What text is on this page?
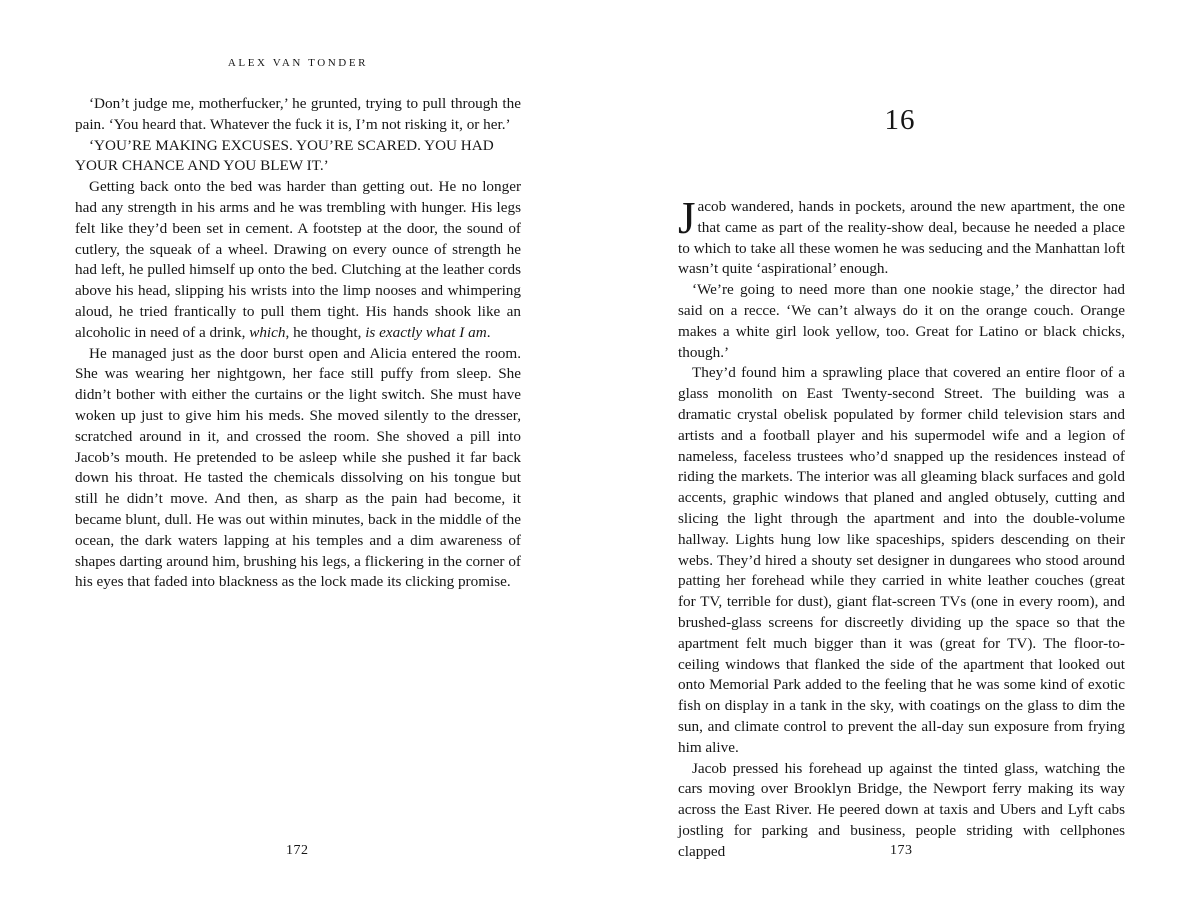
ALEX VAN TONDER

‘Don’t judge me, motherfucker,’ he grunted, trying to pull through the pain. ‘You heard that. Whatever the fuck it is, I’m not risking it, or her.’

‘YOU’RE MAKING EXCUSES. YOU’RE SCARED. YOU HAD YOUR CHANCE AND YOU BLEW IT.’

Getting back onto the bed was harder than getting out. He no longer had any strength in his arms and he was trembling with hunger. His legs felt like they’d been set in cement. A footstep at the door, the sound of cutlery, the squeak of a wheel. Drawing on every ounce of strength he had left, he pulled himself up onto the bed. Clutching at the leather cords above his head, slipping his wrists into the limp nooses and whimpering aloud, he tried frantically to pull them tight. His hands shook like an alcoholic in need of a drink, which, he thought, is exactly what I am.

He managed just as the door burst open and Alicia entered the room. She was wearing her nightgown, her face still puffy from sleep. She didn’t bother with either the curtains or the light switch. She must have woken up just to give him his meds. She moved silently to the dresser, scratched around in it, and crossed the room. She shoved a pill into Jacob’s mouth. He pretended to be asleep while she pushed it far back down his throat. He tasted the chemicals dissolving on his tongue but still he didn’t move. And then, as sharp as the pain had become, it became blunt, dull. He was out within minutes, back in the middle of the ocean, the dark waters lapping at his temples and a dim awareness of shapes darting around him, brushing his legs, a flickering in the corner of his eyes that faded into blackness as the lock made its clicking promise.

172
16

Jacob wandered, hands in pockets, around the new apartment, the one that came as part of the reality-show deal, because he needed a place to which to take all these women he was seducing and the Manhattan loft wasn’t quite ‘aspirational’ enough.

‘We’re going to need more than one nookie stage,’ the director had said on a recce. ‘We can’t always do it on the orange couch. Orange makes a white girl look yellow, too. Great for Latino or black chicks, though.’

They’d found him a sprawling place that covered an entire floor of a glass monolith on East Twenty-second Street. The building was a dramatic crystal obelisk populated by former child television stars and artists and a football player and his supermodel wife and a legion of nameless, faceless trustees who’d snapped up the residences instead of riding the markets. The interior was all gleaming black surfaces and gold accents, graphic windows that planed and angled obtusely, cutting and slicing the light through the apartment and into the double-volume hallway. Lights hung low like spaceships, spiders descending on their webs. They’d hired a shouty set designer in dungarees who stood around patting her forehead while they carried in white leather couches (great for TV, terrible for dust), giant flat-screen TVs (one in every room), and brushed-glass screens for discreetly dividing up the space so that the apartment felt much bigger than it was (great for TV). The floor-to-ceiling windows that flanked the side of the apartment that looked out onto Memorial Park added to the feeling that he was some kind of exotic fish on display in a tank in the sky, with coatings on the glass to dim the sun, and climate control to prevent the all-day sun exposure from frying him alive.

Jacob pressed his forehead up against the tinted glass, watching the cars moving over Brooklyn Bridge, the Newport ferry making its way across the East River. He peered down at taxis and Ubers and Lyft cabs jostling for parking and business, people striding with cellphones clapped	173
